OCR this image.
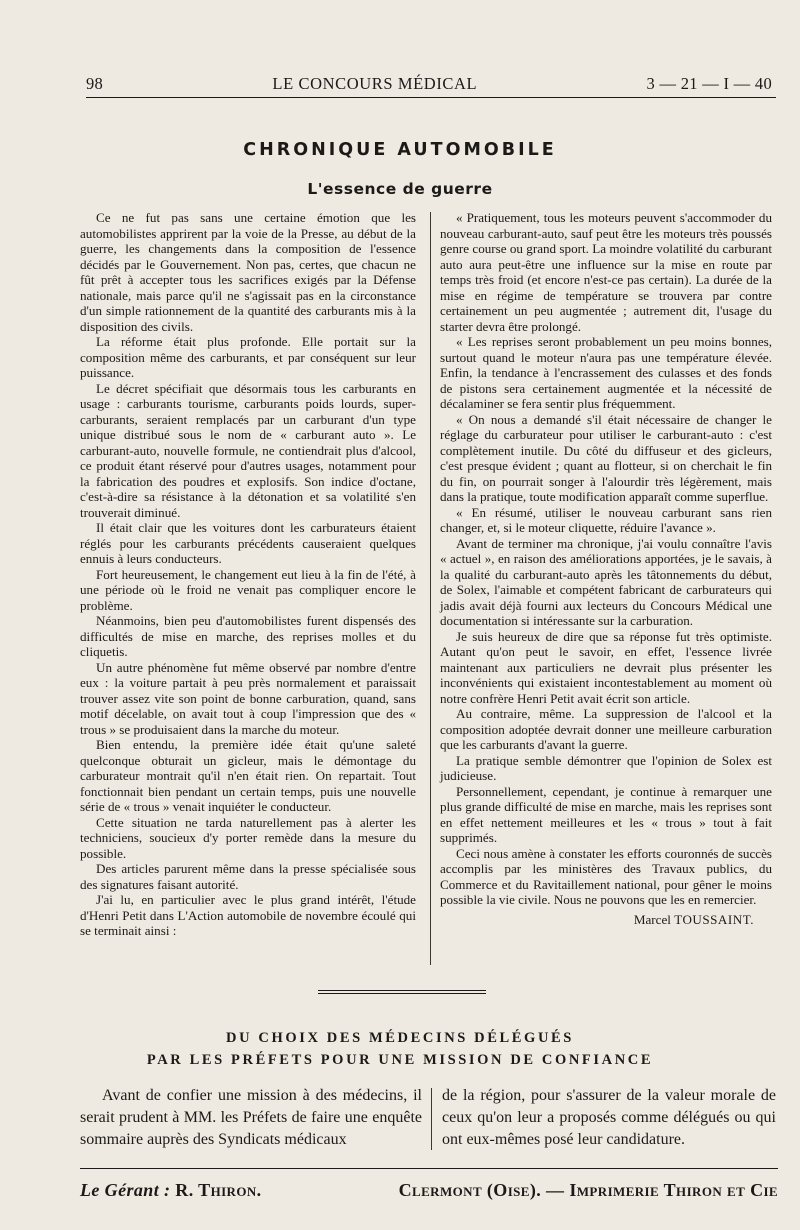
98	LE CONCOURS MÉDICAL	3 — 21 — I — 40
CHRONIQUE AUTOMOBILE
L'essence de guerre

Ce ne fut pas sans une certaine émotion que les automobilistes apprirent par la voie de la Presse, au début de la guerre, les changements dans la composition de l'essence décidés par le Gouvernement. Non pas, certes, que chacun ne fût prêt à accepter tous les sacrifices exigés par la Défense nationale, mais parce qu'il ne s'agissait pas en la circonstance d'un simple rationnement de la quantité des carburants mis à la disposition des civils.

La réforme était plus profonde. Elle portait sur la composition même des carburants, et par conséquent sur leur puissance.

Le décret spécifiait que désormais tous les carburants en usage : carburants tourisme, carburants poids lourds, super-carburants, seraient remplacés par un carburant d'un type unique distribué sous le nom de « carburant auto ». Le carburant-auto, nouvelle formule, ne contiendrait plus d'alcool, ce produit étant réservé pour d'autres usages, notamment pour la fabrication des poudres et explosifs. Son indice d'octane, c'est-à-dire sa résistance à la détonation et sa volatilité s'en trouverait diminué.

Il était clair que les voitures dont les carburateurs étaient réglés pour les carburants précédents causeraient quelques ennuis à leurs conducteurs.

Fort heureusement, le changement eut lieu à la fin de l'été, à une période où le froid ne venait pas compliquer encore le problème.

Néanmoins, bien peu d'automobilistes furent dispensés des difficultés de mise en marche, des reprises molles et du cliquetis.

Un autre phénomène fut même observé par nombre d'entre eux : la voiture partait à peu près normalement et paraissait trouver assez vite son point de bonne carburation, quand, sans motif décelable, on avait tout à coup l'impression que des « trous » se produisaient dans la marche du moteur.

Bien entendu, la première idée était qu'une saleté quelconque obturait un gicleur, mais le démontage du carburateur montrait qu'il n'en était rien. On repartait. Tout fonctionnait bien pendant un certain temps, puis une nouvelle série de « trous » venait inquiéter le conducteur.

Cette situation ne tarda naturellement pas à alerter les techniciens, soucieux d'y porter remède dans la mesure du possible.

Des articles parurent même dans la presse spécialisée sous des signatures faisant autorité.

J'ai lu, en particulier avec le plus grand intérêt, l'étude d'Henri Petit dans L'Action automobile de novembre écoulé qui se terminait ainsi :

« Pratiquement, tous les moteurs peuvent s'accommoder du nouveau carburant-auto, sauf peut être les moteurs très poussés genre course ou grand sport. La moindre volatilité du carburant auto aura peut-être une influence sur la mise en route par temps très froid (et encore n'est-ce pas certain). La durée de la mise en régime de température se trouvera par contre certainement un peu augmentée ; autrement dit, l'usage du starter devra être prolongé.

« Les reprises seront probablement un peu moins bonnes, surtout quand le moteur n'aura pas une température élevée. Enfin, la tendance à l'encrassement des culasses et des fonds de pistons sera certainement augmentée et la nécessité de décalaminer se fera sentir plus fréquemment.

« On nous a demandé s'il était nécessaire de changer le réglage du carburateur pour utiliser le carburant-auto : c'est complètement inutile. Du côté du diffuseur et des gicleurs, c'est presque évident ; quant au flotteur, si on cherchait le fin du fin, on pourrait songer à l'alourdir très légèrement, mais dans la pratique, toute modification apparaît comme superflue.

« En résumé, utiliser le nouveau carburant sans rien changer, et, si le moteur cliquette, réduire l'avance ».

Avant de terminer ma chronique, j'ai voulu connaître l'avis « actuel », en raison des améliorations apportées, je le savais, à la qualité du carburant-auto après les tâtonnements du début, de Solex, l'aimable et compétent fabricant de carburateurs qui jadis avait déjà fourni aux lecteurs du Concours Médical une documentation si intéressante sur la carburation.

Je suis heureux de dire que sa réponse fut très optimiste. Autant qu'on peut le savoir, en effet, l'essence livrée maintenant aux particuliers ne devrait plus présenter les inconvénients qui existaient incontestablement au moment où notre confrère Henri Petit avait écrit son article.

Au contraire, même. La suppression de l'alcool et la composition adoptée devrait donner une meilleure carburation que les carburants d'avant la guerre.

La pratique semble démontrer que l'opinion de Solex est judicieuse.

Personnellement, cependant, je continue à remarquer une plus grande difficulté de mise en marche, mais les reprises sont en effet nettement meilleures et les « trous » tout à fait supprimés.

Ceci nous amène à constater les efforts couronnés de succès accomplis par les ministères des Travaux publics, du Commerce et du Ravitaillement national, pour gêner le moins possible la vie civile. Nous ne pouvons que les en remercier.

Marcel TOUSSAINT.

DU CHOIX DES MÉDECINS DÉLÉGUÉS
PAR LES PRÉFETS POUR UNE MISSION DE CONFIANCE

Avant de confier une mission à des médecins, il serait prudent à MM. les Préfets de faire une enquête sommaire auprès des Syndicats médicaux

de la région, pour s'assurer de la valeur morale de ceux qu'on leur a proposés comme délégués ou qui ont eux-mêmes posé leur candidature.

Le Gérant : R. Thiron.	Clermont (Oise). — Imprimerie Thiron et Cie
